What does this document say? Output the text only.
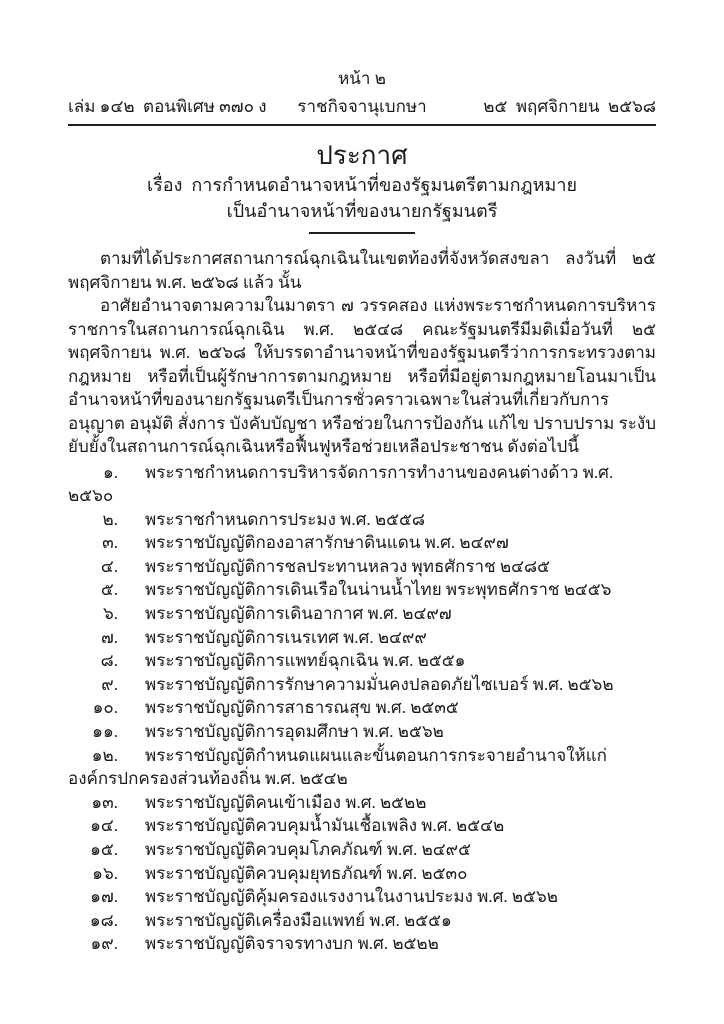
หน้า ๒
เล่ม ๑๔๒  ตอนพิเศษ ๓๗๐ ง	ราชกิจจานุเบกษา	๒๕  พฤศจิกายน  ๒๕๖๘
ประกาศ
เรื่อง  การกำหนดอำนาจหน้าที่ของรัฐมนตรีตามกฎหมาย
เป็นอำนาจหน้าที่ของนายกรัฐมนตรี

ตามที่ได้ประกาศสถานการณ์ฉุกเฉินในเขตท้องที่จังหวัดสงขลา ลงวันที่ ๒๕ พฤศจิกายน พ.ศ. ๒๕๖๘ แล้ว นั้น

อาศัยอำนาจตามความในมาตรา ๗ วรรคสอง แห่งพระราชกำหนดการบริหารราชการในสถานการณ์ฉุกเฉิน พ.ศ. ๒๕๔๘ คณะรัฐมนตรีมีมติเมื่อวันที่ ๒๕ พฤศจิกายน พ.ศ. ๒๕๖๘ ให้บรรดาอำนาจหน้าที่ของรัฐมนตรีว่าการกระทรวงตามกฎหมาย หรือที่เป็นผู้รักษาการตามกฎหมาย หรือที่มีอยู่ตามกฎหมายโอนมาเป็นอำนาจหน้าที่ของนายกรัฐมนตรีเป็นการชั่วคราวเฉพาะในส่วนที่เกี่ยวกับการอนุญาต อนุมัติ สั่งการ บังคับบัญชา หรือช่วยในการป้องกัน แก้ไข ปราบปราม ระงับยับยั้งในสถานการณ์ฉุกเฉินหรือฟื้นฟูหรือช่วยเหลือประชาชน ดังต่อไปนี้

๑. พระราชกำหนดการบริหารจัดการการทำงานของคนต่างด้าว พ.ศ. ๒๕๖๐
๒. พระราชกำหนดการประมง พ.ศ. ๒๕๕๘
๓. พระราชบัญญัติกองอาสารักษาดินแดน พ.ศ. ๒๔๙๗
๔. พระราชบัญญัติการชลประทานหลวง พุทธศักราช ๒๔๘๕
๕. พระราชบัญญัติการเดินเรือในน่านน้ำไทย พระพุทธศักราช ๒๔๕๖
๖. พระราชบัญญัติการเดินอากาศ พ.ศ. ๒๔๙๗
๗. พระราชบัญญัติการเนรเทศ พ.ศ. ๒๔๙๙
๘. พระราชบัญญัติการแพทย์ฉุกเฉิน พ.ศ. ๒๕๕๑
๙. พระราชบัญญัติการรักษาความมั่นคงปลอดภัยไซเบอร์ พ.ศ. ๒๕๖๒
๑๐. พระราชบัญญัติการสาธารณสุข พ.ศ. ๒๕๓๕
๑๑. พระราชบัญญัติการอุดมศึกษา พ.ศ. ๒๕๖๒
๑๒. พระราชบัญญัติกำหนดแผนและขั้นตอนการกระจายอำนาจให้แก่องค์กรปกครองส่วนท้องถิ่น พ.ศ. ๒๕๔๒
๑๓. พระราชบัญญัติคนเข้าเมือง พ.ศ. ๒๕๒๒
๑๔. พระราชบัญญัติควบคุมน้ำมันเชื้อเพลิง พ.ศ. ๒๕๔๒
๑๕. พระราชบัญญัติควบคุมโภคภัณฑ์ พ.ศ. ๒๔๙๕
๑๖. พระราชบัญญัติควบคุมยุทธภัณฑ์ พ.ศ. ๒๕๓๐
๑๗. พระราชบัญญัติคุ้มครองแรงงานในงานประมง พ.ศ. ๒๕๖๒
๑๘. พระราชบัญญัติเครื่องมือแพทย์ พ.ศ. ๒๕๕๑
๑๙. พระราชบัญญัติจราจรทางบก พ.ศ. ๒๕๒๒
